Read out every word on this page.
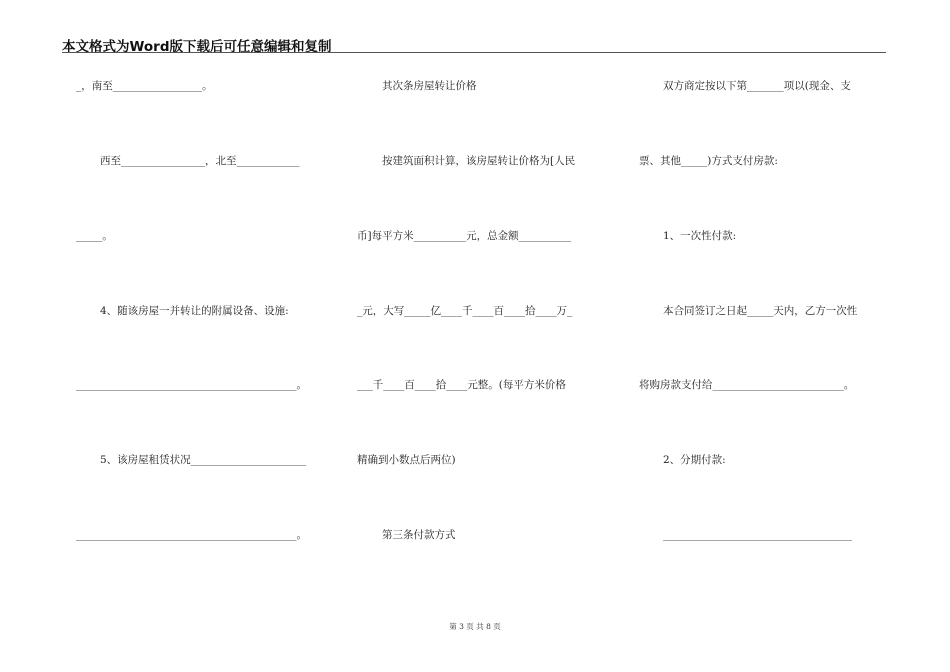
本文格式为Word版下载后可任意编辑和复制
_，南至_________________。
西至________________，北至____________
_____。
4、随该房屋一并转让的附属设备、设施:
__________________________________________。
5、该房屋租赁状况______________________
__________________________________________。
其次条房屋转让价格
按建筑面积计算，该房屋转让价格为[人民
币]每平方米__________元，总金额__________
_元，大写_____亿____千____百____拾____万_
___千____百____拾____元整。(每平方米价格
精确到小数点后两位)
第三条付款方式
双方商定按以下第_______项以(现金、支
票、其他_____)方式支付房款:
1、一次性付款:
本合同签订之日起_____天内，乙方一次性
将购房款支付给_________________________。
2、分期付款:
____________________________________
第 3 页 共 8 页
